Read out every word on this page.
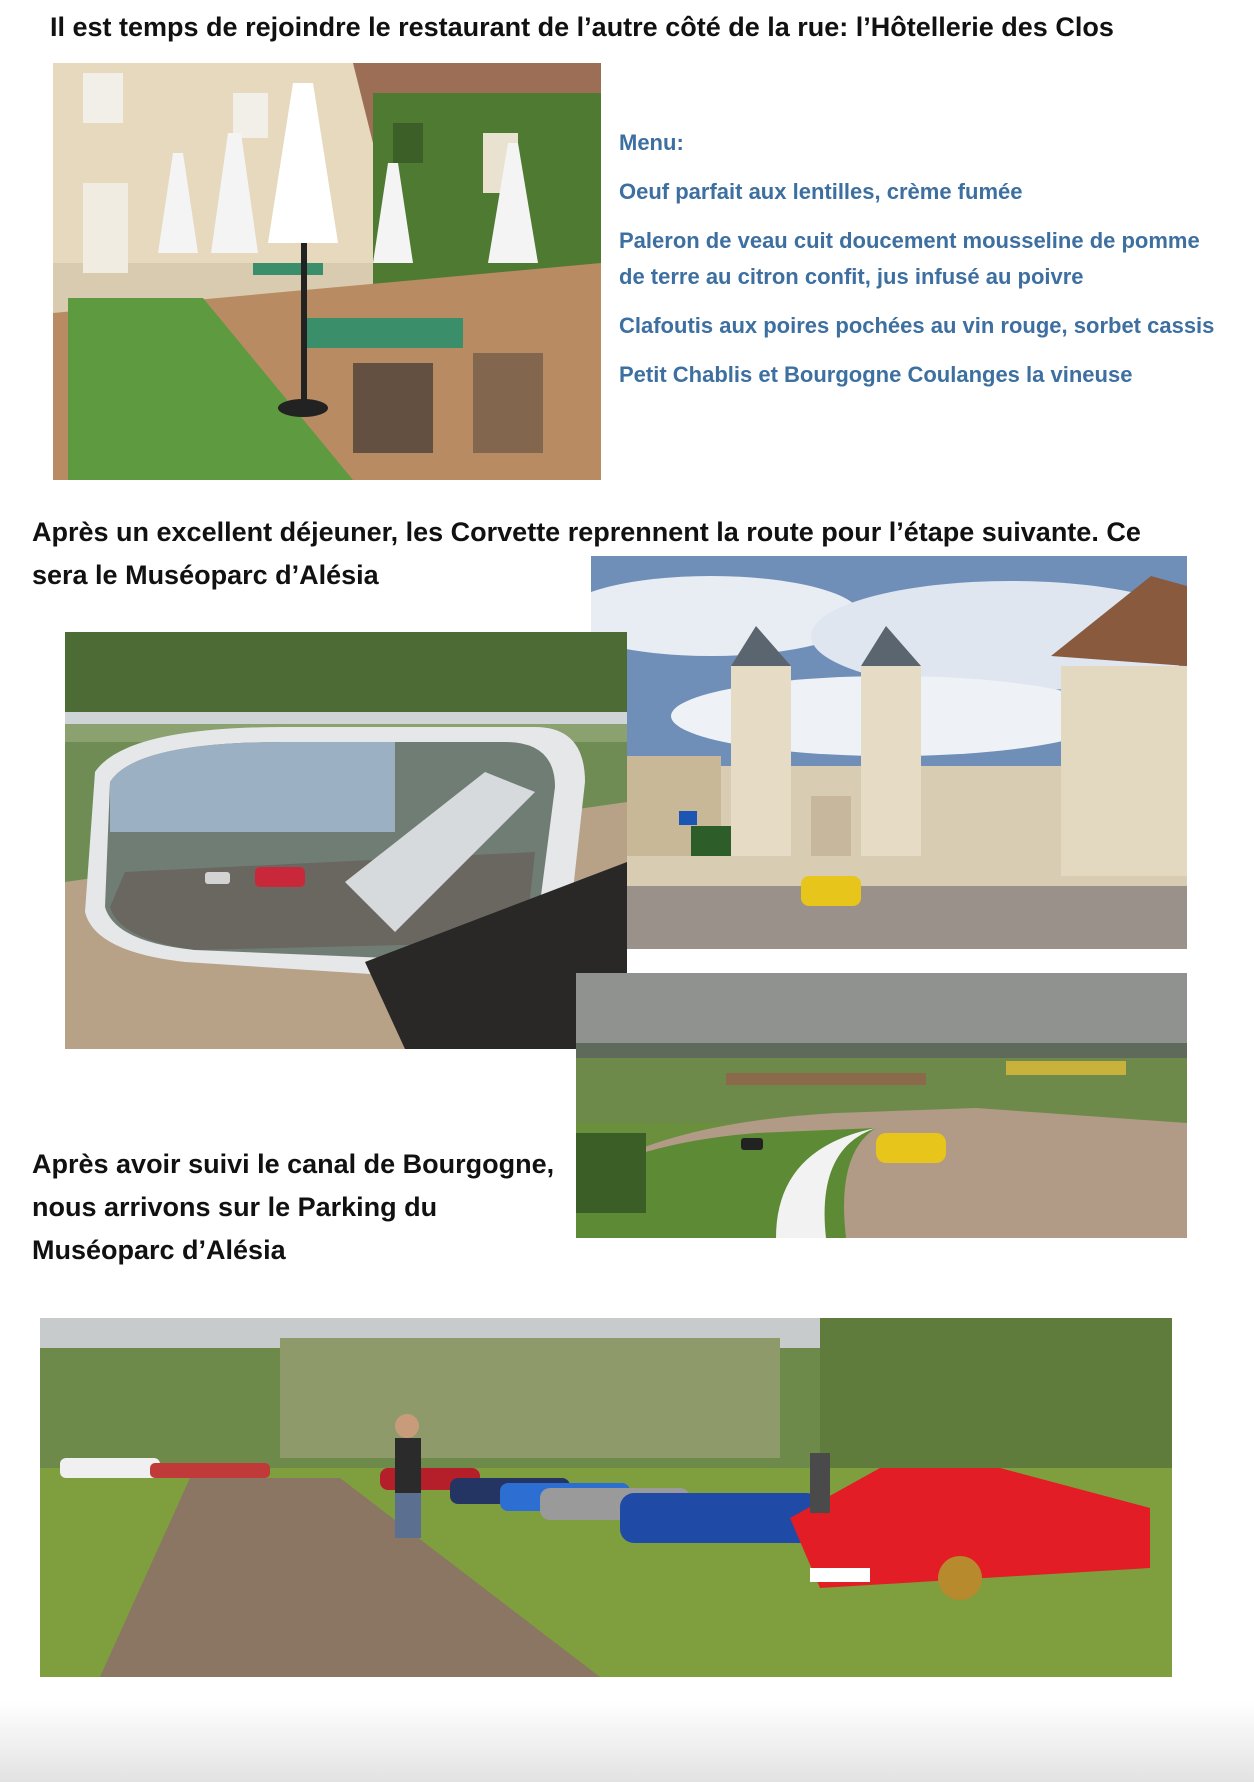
Il est temps de rejoindre le restaurant de l’autre côté de la rue: l’Hôtellerie des Clos

Menu:

Oeuf parfait aux lentilles, crème fumée

Paleron de veau cuit doucement mousseline de pomme de terre au citron confit, jus infusé au poivre

Clafoutis aux poires pochées au vin rouge, sorbet cassis

Petit Chablis et Bourgogne Coulanges la vineuse

Après un excellent déjeuner, les Corvette reprennent la route pour l’étape suivante. Ce sera le Muséoparc d’Alésia
Après avoir suivi le canal de Bourgogne, nous arrivons sur le Parking du Muséoparc d’Alésia
